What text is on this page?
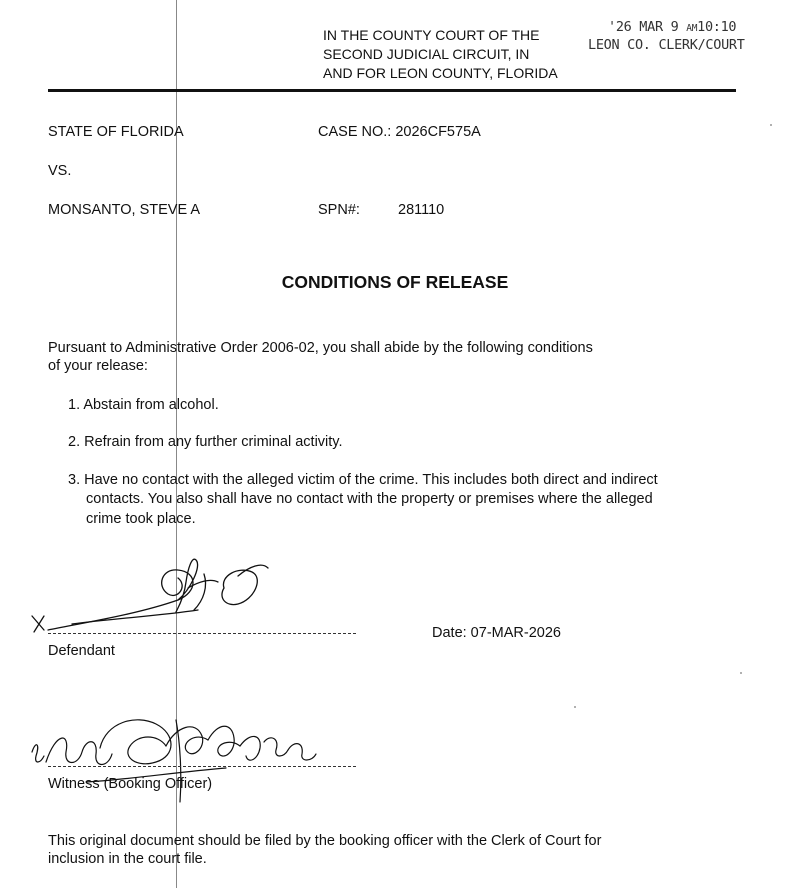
IN THE COUNTY COURT OF THE
SECOND JUDICIAL CIRCUIT, IN
AND FOR LEON COUNTY, FLORIDA
'26 MAR 9 AM10:10
LEON CO. CLERK/COURT
STATE OF FLORIDA
VS.
MONSANTO, STEVE A
CASE NO.: 2026CF575A
SPN#:	281110
CONDITIONS OF RELEASE
Pursuant to Administrative Order 2006-02, you shall abide by the following conditions
of your release:
1. Abstain from alcohol.
2. Refrain from any further criminal activity.
3. Have no contact with the alleged victim of the crime. This includes both direct and indirect
contacts. You also shall have no contact with the property or premises where the alleged
crime took place.
Defendant
Date: 07-MAR-2026
Witness (Booking Officer)
This original document should be filed by the booking officer with the Clerk of Court for
inclusion in the court file.
